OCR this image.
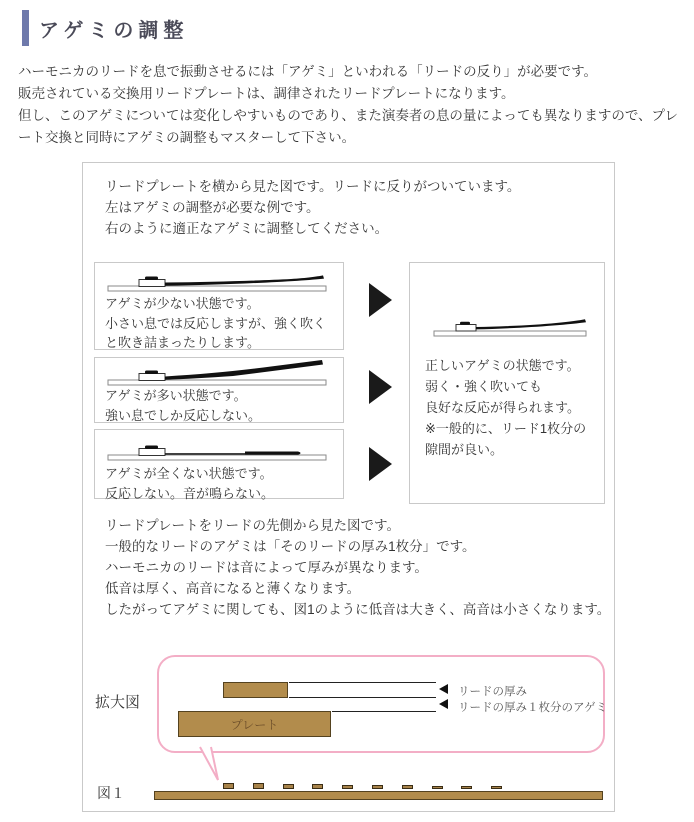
アゲミの調整
ハーモニカのリードを息で振動させるには「アゲミ」といわれる「リードの反り」が必要です。
販売されている交換用リードプレートは、調律されたリードプレートになります。
但し、このアゲミについては変化しやすいものであり、また演奏者の息の量によっても異なりますので、プレート交換と同時にアゲミの調整もマスターして下さい。
リードプレートを横から見た図です。リードに反りがついています。
左はアゲミの調整が必要な例です。
右のように適正なアゲミに調整してください。
アゲミが少ない状態です。
小さい息では反応しますが、強く吹くと吹き詰まったりします。
アゲミが多い状態です。
強い息でしか反応しない。
アゲミが全くない状態です。
反応しない。音が鳴らない。
正しいアゲミの状態です。
弱く・強く吹いても
良好な反応が得られます。
※一般的に、リード1枚分の隙間が良い。
リードプレートをリードの先側から見た図です。
一般的なリードのアゲミは「そのリードの厚み1枚分」です。
ハーモニカのリードは音によって厚みが異なります。
低音は厚く、高音になると薄くなります。
したがってアゲミに関しても、図1のように低音は大きく、高音は小さくなります。
拡大図
リードの厚み
リードの厚み１枚分のアゲミ
プレート
図１
